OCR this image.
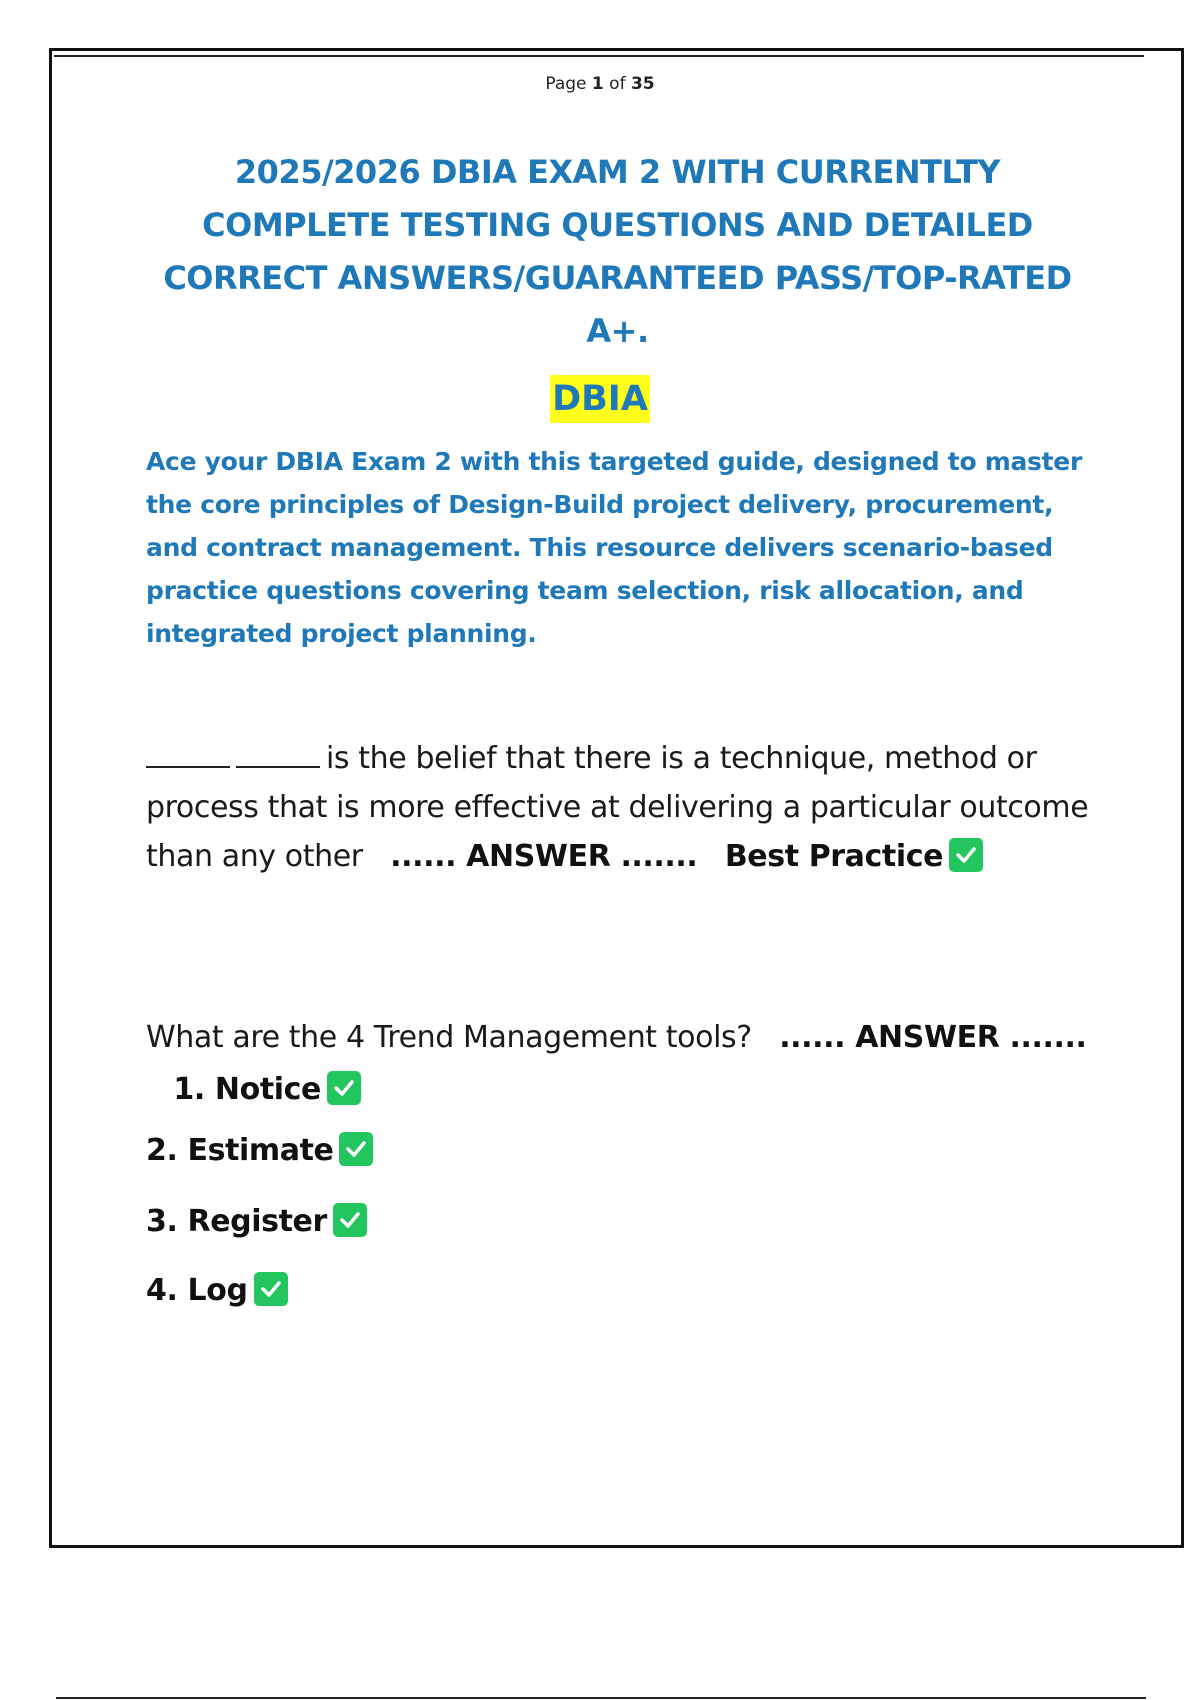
Page 1 of 35
2025/2026 DBIA EXAM 2 WITH CURRENTLTY COMPLETE TESTING QUESTIONS AND DETAILED CORRECT ANSWERS/GUARANTEED PASS/TOP-RATED A+.
DBIA
Ace your DBIA Exam 2 with this targeted guide, designed to master the core principles of Design-Build project delivery, procurement, and contract management. This resource delivers scenario-based practice questions covering team selection, risk allocation, and integrated project planning.
is the belief that there is a technique, method or process that is more effective at delivering a particular outcome than any other ...... ANSWER ....... Best Practice
What are the 4 Trend Management tools? ...... ANSWER .......    1. Notice
2. Estimate
3. Register
4. Log
